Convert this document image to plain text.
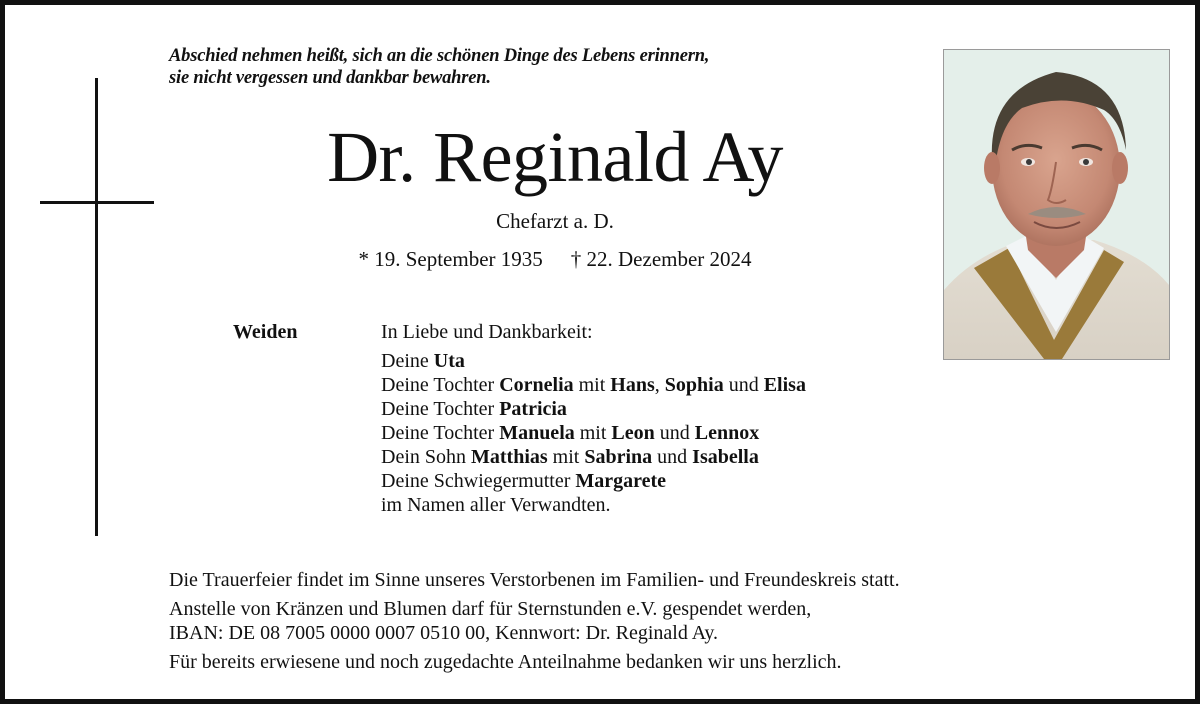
Abschied nehmen heißt, sich an die schönen Dinge des Lebens erinnern,
sie nicht vergessen und dankbar bewahren.
Dr. Reginald Ay
Chefarzt a. D.
* 19. September 1935 † 22. Dezember 2024
Weiden	In Liebe und Dankbarkeit:
Deine Uta
Deine Tochter Cornelia mit Hans, Sophia und Elisa
Deine Tochter Patricia
Deine Tochter Manuela mit Leon und Lennox
Dein Sohn Matthias mit Sabrina und Isabella
Deine Schwiegermutter Margarete
im Namen aller Verwandten.
Die Trauerfeier findet im Sinne unseres Verstorbenen im Familien- und Freundeskreis statt.
Anstelle von Kränzen und Blumen darf für Sternstunden e.V. gespendet werden,
IBAN: DE 08 7005 0000 0007 0510 00, Kennwort: Dr. Reginald Ay.
Für bereits erwiesene und noch zugedachte Anteilnahme bedanken wir uns herzlich.
